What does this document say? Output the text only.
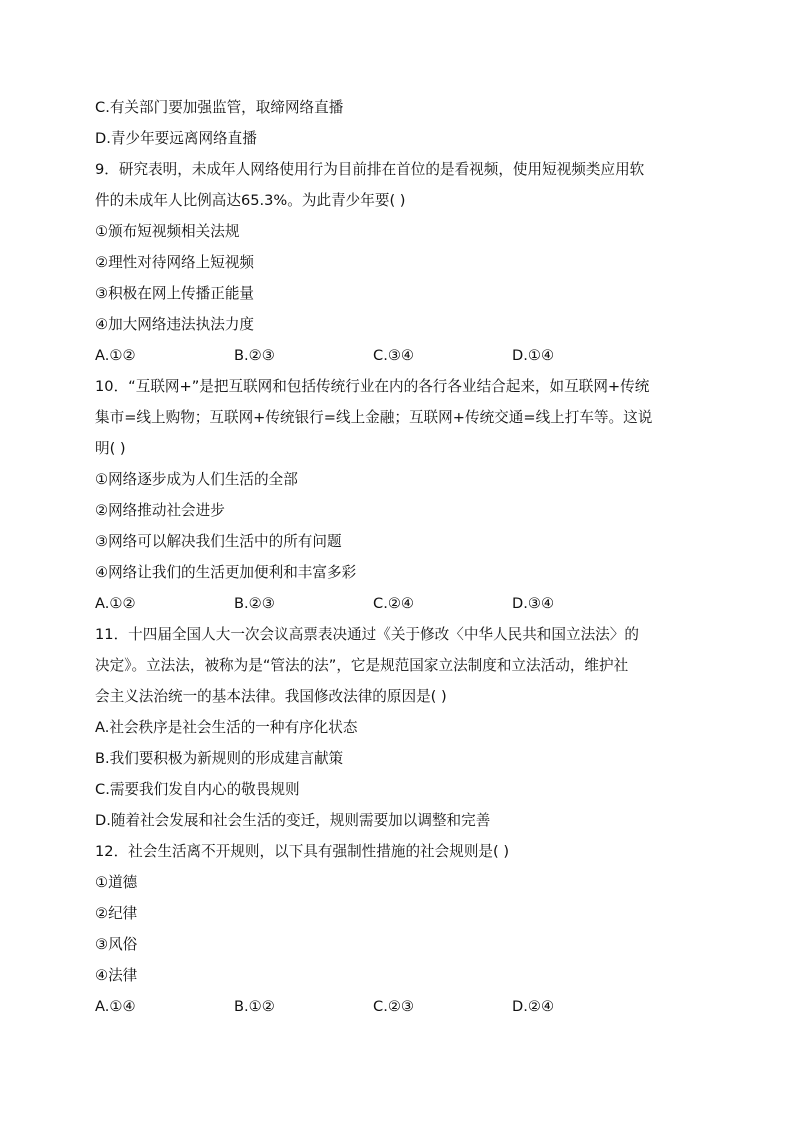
C.有关部门要加强监管，取缔网络直播
D.青少年要远离网络直播
9．研究表明，未成年人网络使用行为目前排在首位的是看视频，使用短视频类应用软
件的未成年人比例高达65.3%。为此青少年要( )
①颁布短视频相关法规
②理性对待网络上短视频
③积极在网上传播正能量
④加大网络违法执法力度
A.①②	B.②③	C.③④	D.①④
10．“互联网+”是把互联网和包括传统行业在内的各行各业结合起来，如互联网+传统
集市=线上购物；互联网+传统银行=线上金融；互联网+传统交通=线上打车等。这说
明( )
①网络逐步成为人们生活的全部
②网络推动社会进步
③网络可以解决我们生活中的所有问题
④网络让我们的生活更加便利和丰富多彩
A.①②	B.②③	C.②④	D.③④
11．十四届全国人大一次会议高票表决通过《关于修改〈中华人民共和国立法法〉的
决定》。立法法，被称为是“管法的法”，它是规范国家立法制度和立法活动，维护社
会主义法治统一的基本法律。我国修改法律的原因是( )
A.社会秩序是社会生活的一种有序化状态
B.我们要积极为新规则的形成建言献策
C.需要我们发自内心的敬畏规则
D.随着社会发展和社会生活的变迁，规则需要加以调整和完善
12．社会生活离不开规则，以下具有强制性措施的社会规则是( )
①道德
②纪律
③风俗
④法律
A.①④	B.①②	C.②③	D.②④
